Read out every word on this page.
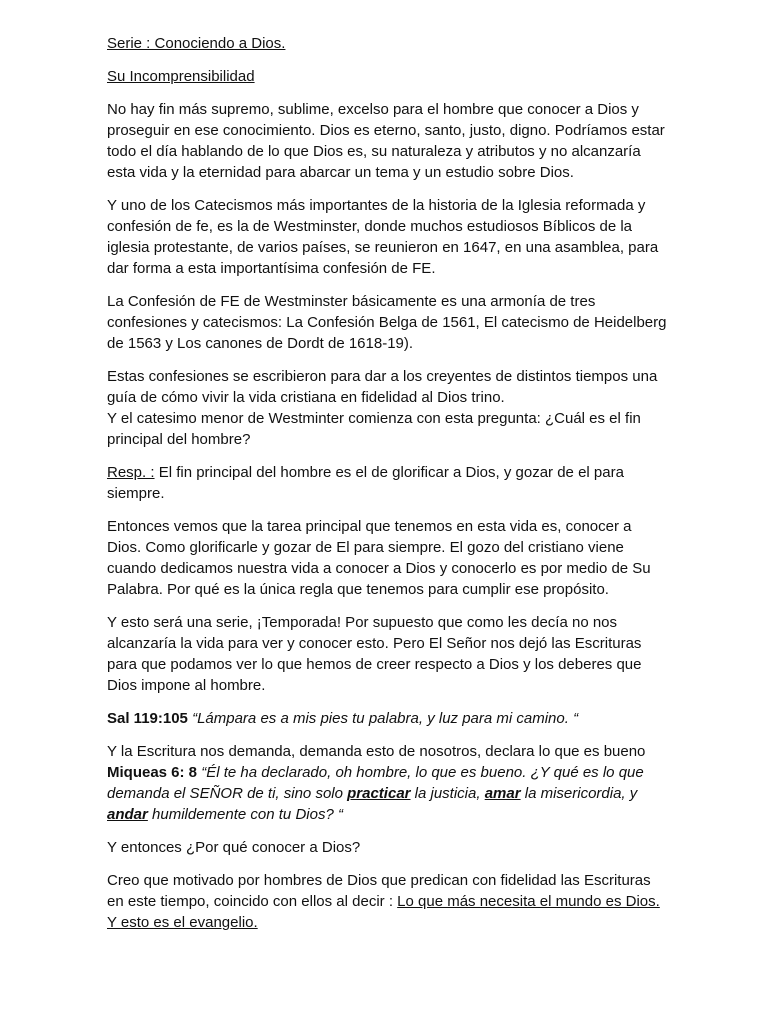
Serie : Conociendo a Dios.

Su Incomprensibilidad

No hay fin más supremo, sublime, excelso para el hombre que conocer a Dios y proseguir en ese conocimiento. Dios es eterno, santo, justo, digno. Podríamos estar todo el día hablando de lo que Dios es, su naturaleza y atributos y no alcanzaría esta vida y la eternidad para abarcar un tema y un estudio sobre Dios.

Y uno de los Catecismos más importantes de la historia de la Iglesia reformada y confesión de fe, es la de Westminster, donde muchos estudiosos Bíblicos de la iglesia protestante, de varios países, se reunieron en 1647, en una asamblea, para dar forma a esta importantísima confesión de FE.

La Confesión de FE de Westminster básicamente es una armonía de tres confesiones y catecismos: La Confesión Belga de 1561, El catecismo de Heidelberg de 1563 y Los canones de Dordt de 1618-19).

Estas confesiones se escribieron para dar a los creyentes de distintos tiempos una guía de cómo vivir la vida cristiana en fidelidad al Dios trino.
Y el catesimo menor de Westminter comienza con esta pregunta: ¿Cuál es el fin principal del hombre?

Resp. : El fin principal del hombre es el de glorificar a Dios, y gozar de el para siempre.

Entonces vemos que la tarea principal que tenemos en esta vida es, conocer a Dios. Como glorificarle y gozar de El para siempre. El gozo del cristiano viene cuando dedicamos nuestra vida a conocer a Dios y conocerlo es por medio de Su Palabra. Por qué es la única regla que tenemos para cumplir ese propósito.

Y esto será una serie, ¡Temporada! Por supuesto que como les decía no nos alcanzaría la vida para ver y conocer esto. Pero El Señor nos dejó las Escrituras para que podamos ver lo que hemos de creer respecto a Dios y los deberes que Dios impone al hombre.

Sal 119:105 “Lámpara es a mis pies tu palabra, y luz para mi camino. “

Y la Escritura nos demanda, demanda esto de nosotros, declara lo que es bueno Miqueas 6: 8 “Él te ha declarado, oh hombre, lo que es bueno. ¿Y qué es lo que demanda el SEÑOR de ti, sino solo practicar la justicia, amar la misericordia, y andar humildemente con tu Dios? “

Y entonces ¿Por qué conocer a Dios?

Creo que motivado por hombres de Dios que predican con fidelidad las Escrituras en este tiempo, coincido con ellos al decir : Lo que más necesita el mundo es Dios. Y esto es el evangelio.
